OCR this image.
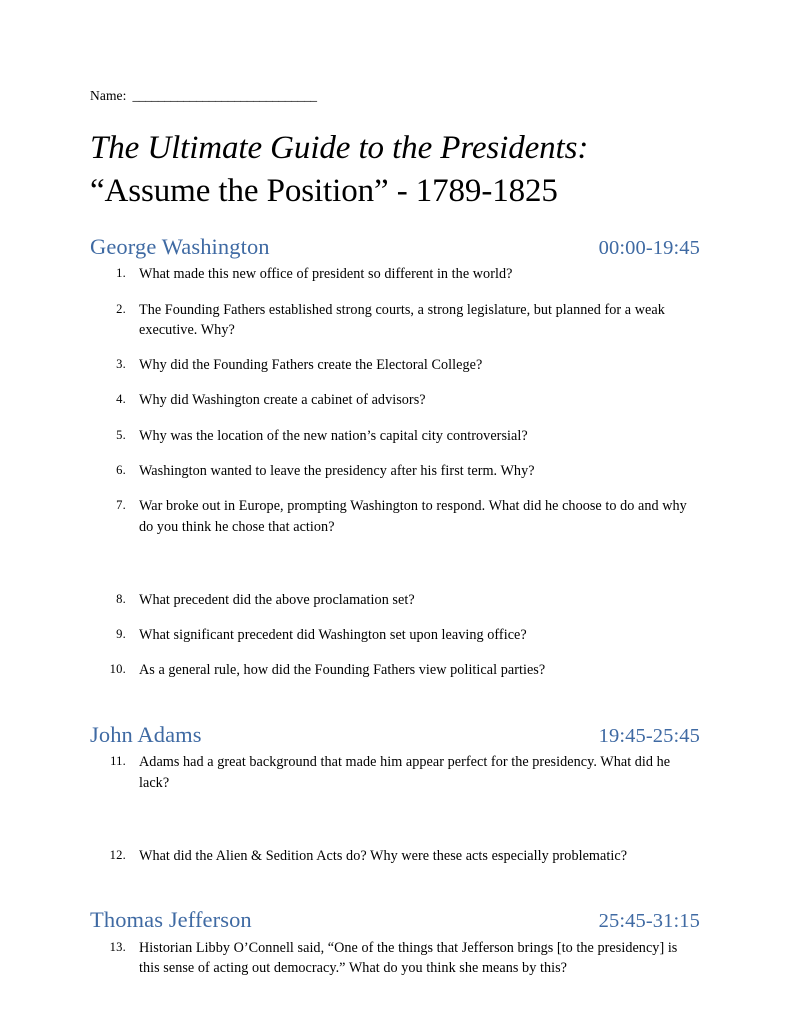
Name: _____________________________
The Ultimate Guide to the Presidents:
“Assume the Position” - 1789-1825
George Washington	00:00-19:45
1. What made this new office of president so different in the world?
2. The Founding Fathers established strong courts, a strong legislature, but planned for a weak executive. Why?
3. Why did the Founding Fathers create the Electoral College?
4. Why did Washington create a cabinet of advisors?
5. Why was the location of the new nation’s capital city controversial?
6. Washington wanted to leave the presidency after his first term. Why?
7. War broke out in Europe, prompting Washington to respond. What did he choose to do and why do you think he chose that action?
8. What precedent did the above proclamation set?
9. What significant precedent did Washington set upon leaving office?
10. As a general rule, how did the Founding Fathers view political parties?
John Adams	19:45-25:45
11. Adams had a great background that made him appear perfect for the presidency. What did he lack?
12. What did the Alien & Sedition Acts do? Why were these acts especially problematic?
Thomas Jefferson	25:45-31:15
13. Historian Libby O’Connell said, “One of the things that Jefferson brings [to the presidency] is this sense of acting out democracy.” What do you think she means by this?
